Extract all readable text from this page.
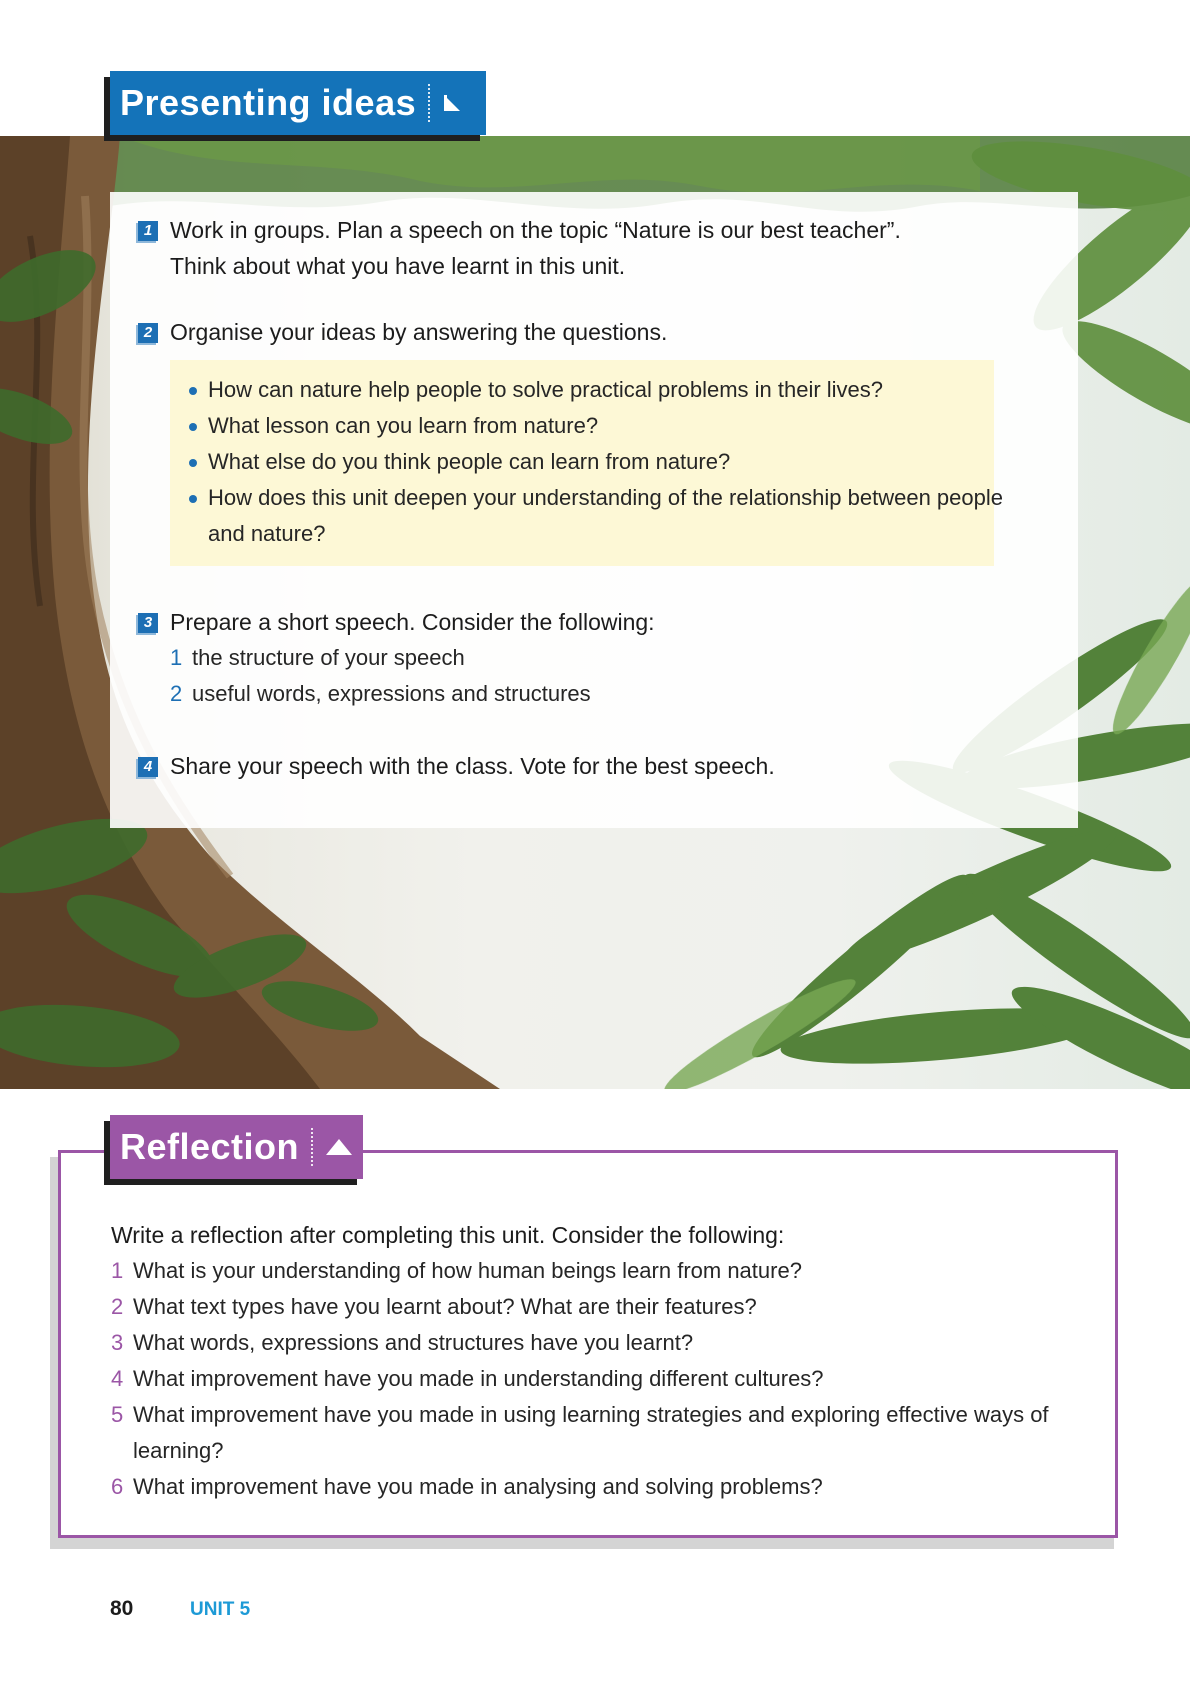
Presenting ideas
1 Work in groups. Plan a speech on the topic “Nature is our best teacher”.
Think about what you have learnt in this unit.
2 Organise your ideas by answering the questions.
How can nature help people to solve practical problems in their lives?
What lesson can you learn from nature?
What else do you think people can learn from nature?
How does this unit deepen your understanding of the relationship between people and nature?
3 Prepare a short speech. Consider the following:
1 the structure of your speech
2 useful words, expressions and structures
4 Share your speech with the class. Vote for the best speech.
Reflection
Write a reflection after completing this unit. Consider the following:
1 What is your understanding of how human beings learn from nature?
2 What text types have you learnt about? What are their features?
3 What words, expressions and structures have you learnt?
4 What improvement have you made in understanding different cultures?
5 What improvement have you made in using learning strategies and exploring effective ways of learning?
6 What improvement have you made in analysing and solving problems?
80	UNIT 5
